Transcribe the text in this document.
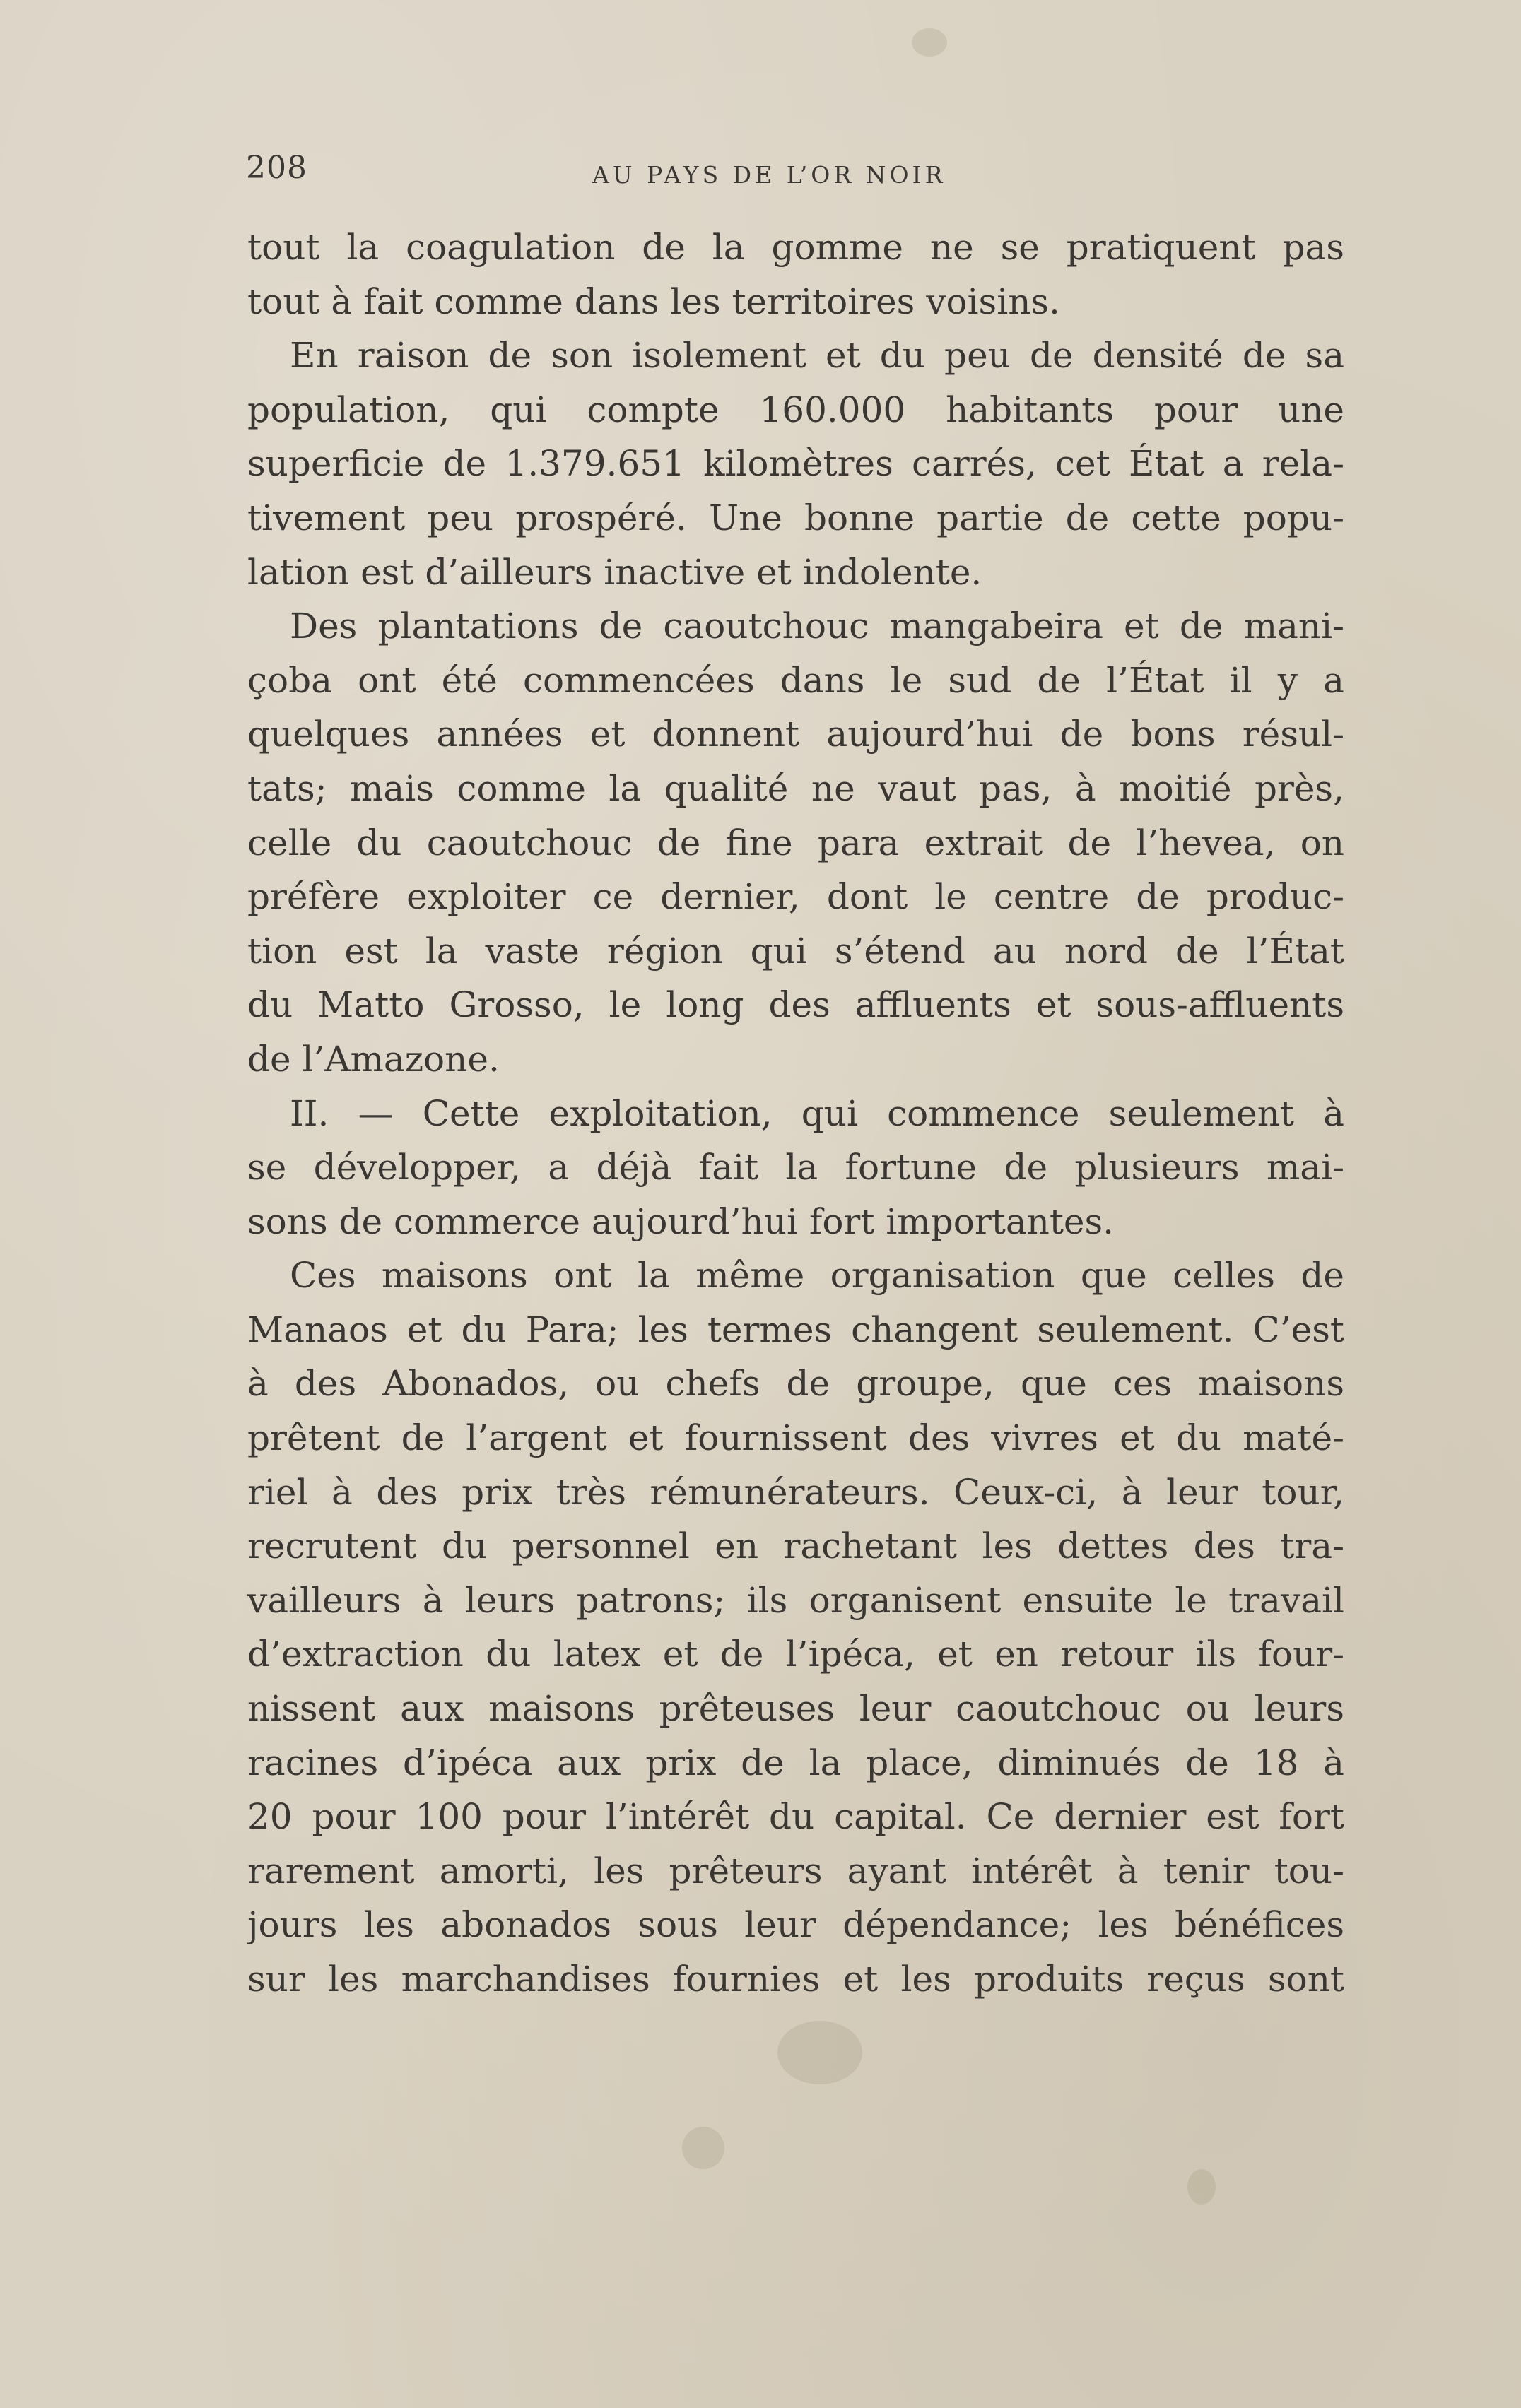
208	AU PAYS DE L’OR NOIR
tout la coagulation de la gomme ne se pratiquent pas
tout à fait comme dans les territoires voisins.
En raison de son isolement et du peu de densité de sa
population, qui compte 160.000 habitants pour une
superficie de 1.379.651 kilomètres carrés, cet État a rela-
tivement peu prospéré. Une bonne partie de cette popu-
lation est d’ailleurs inactive et indolente.
Des plantations de caoutchouc mangabeira et de mani-
çoba ont été commencées dans le sud de l’État il y a
quelques années et donnent aujourd’hui de bons résul-
tats; mais comme la qualité ne vaut pas, à moitié près,
celle du caoutchouc de fine para extrait de l’hevea, on
préfère exploiter ce dernier, dont le centre de produc-
tion est la vaste région qui s’étend au nord de l’État
du Matto Grosso, le long des affluents et sous-affluents
de l’Amazone.
II. — Cette exploitation, qui commence seulement à
se développer, a déjà fait la fortune de plusieurs mai-
sons de commerce aujourd’hui fort importantes.
Ces maisons ont la même organisation que celles de
Manaos et du Para; les termes changent seulement. C’est
à des Abonados, ou chefs de groupe, que ces maisons
prêtent de l’argent et fournissent des vivres et du maté-
riel à des prix très rémunérateurs. Ceux-ci, à leur tour,
recrutent du personnel en rachetant les dettes des tra-
vailleurs à leurs patrons; ils organisent ensuite le travail
d’extraction du latex et de l’ipéca, et en retour ils four-
nissent aux maisons prêteuses leur caoutchouc ou leurs
racines d’ipéca aux prix de la place, diminués de 18 à
20 pour 100 pour l’intérêt du capital. Ce dernier est fort
rarement amorti, les prêteurs ayant intérêt à tenir tou-
jours les abonados sous leur dépendance; les bénéfices
sur les marchandises fournies et les produits reçus sont
